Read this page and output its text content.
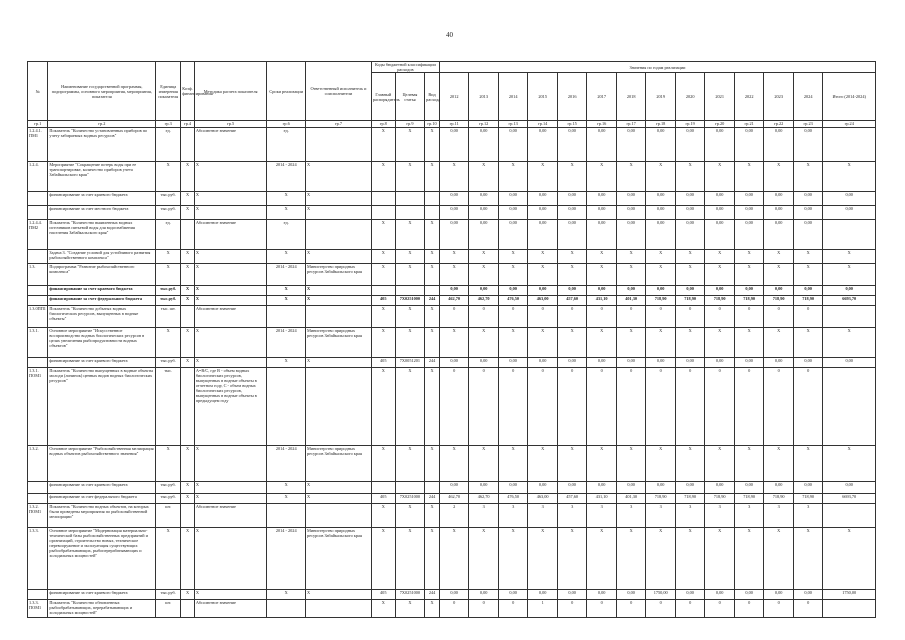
40
№	Наименование государственной программы, подпрограммы, основного мероприятия, мероприятия, показателя	Единица измерения показателя	Коэф. финансирования	Методика расчета показателя	Сроки реализации	Ответственный исполнитель и соисполнители	Коды бюджетной классификации расходов			Значения по годам реализации													
							Главный распорядитель	Целевая статья	Вид расхода	2012	2013	2014	2015	2016	2017	2018	2019	2020	2021	2022	2023	2024	Итого (2014-2024)
гр.1	гр.2	гр.3	гр.4	гр.5	гр.6	гр.7	гр.8	гр.9	гр.10	гр.11	гр.12	гр.13	гр.14	гр.15	гр.16	гр.17	гр.18	гр.19	гр.20	гр.21	гр.22	гр.23	гр.24
1.2.4.1. ПМ1	Показатель "Количество установленных приборов по учету забираемых водных ресурсов"	ед.		Абсолютное значение	ед.		X	X	X	0,00	0,00	0,00	0,00	0,00	0,00	0,00	0,00	0,00	0,00	0,00	0,00	0,00	
1.2.4.	Мероприятие "Сокращение потерь воды при ее транспортировке, количество приборов учета Забайкальского края"	X	X	X	2014 - 2024	X	X	X	X	X	X	X	X	X	X	X	X	X	X	X	X	X	X
	финансирование за счет краевого бюджета	тыс.руб.	X	X	X	X				0,00	0,00	0,00	0,00	0,00	0,00	0,00	0,00	0,00	0,00	0,00	0,00	0,00	0,00
	финансирование за счет местного бюджета	тыс.руб.	X	X	X	X				0,00	0,00	0,00	0,00	0,00	0,00	0,00	0,00	0,00	0,00	0,00	0,00	0,00	0,00
1.2.4.4. ПМ2	Показатель "Количество выявленных водных источников питьевой воды для водоснабжения населения Забайкальского края"	ед.		Абсолютное значение	ед.		X	X	X	0,00	0,00	0,00	0,00	0,00	0,00	0,00	0,00	0,00	0,00	0,00	0,00	0,00	
	Задача 3. "Создание условий для устойчивого развития рыбохозяйственного комплекса"	X	X	X	X	X	X	X	X	X	X	X	X	X	X	X	X	X	X	X	X	X	X
1.3.	Подпрограмма "Развитие рыбохозяйственного комплекса"	X	X	X	2014 - 2024	Министерство природных ресурсов Забайкальского края	X	X	X	X	X	X	X	X	X	X	X	X	X	X	X	X	X
	финансирование за счет краевого бюджета	тыс.руб.	X	X	X	X				0,00	0,00	0,00	0,00	0,00	0,00	0,00	0,00	0,00	0,00	0,00	0,00	0,00	0,00
	финансирование за счет федерального бюджета	тыс.руб.	X	X	X	X	405	7X0251000	244	462,70	462,70	476,50	463,00	457,60	431,10	401,30	718,90	718,90	718,90	718,90	718,90	718,90	6693,70
1.3.0ПП1	Показатель "Количество добытых водных биологических ресурсов, выпущенных в водные объекты"	тыс. шт.		Абсолютное значение			X	X	X	0	0	0	0	0	0	0	0	0	0	0	0	0	
1.3.1.	Основное мероприятие "Искусственное воспроизводство водных биологических ресурсов в целях увеличения рыбопродуктивности водных объектов"	X	X	X	2014 - 2024	Министерство природных ресурсов Забайкальского края	X	X	X	X	X	X	X	X	X	X	X	X	X	X	X	X	X
	финансирование за счет краевого бюджета	тыс.руб.	X	X	X	X	405	7X0051201	244	0,00	0,00	0,00	0,00	0,00	0,00	0,00	0,00	0,00	0,00	0,00	0,00	0,00	0,00
1.3.1. ПОМ1	Показатель "Количество выпущенных в водные объекты молоди (личинок) ценных видов водных биологических ресурсов"	тыс.		A=B/C, где B - объем водных биологических ресурсов, выпущенных в водные объекты в отчетном году, C - объем водных биологических ресурсов, выпущенных в водные объекты в предыдущем году			X	X	X	0	0	0	0	0	0	0	0	0	0	0	0	0	
1.3.2.	Основное мероприятие "Рыбохозяйственная мелиорация водных объектов рыбохозяйственного значения"	X	X	X	2014 - 2024	Министерство природных ресурсов Забайкальского края	X	X	X	X	X	X	X	X	X	X	X	X	X	X	X	X	X
	финансирование за счет краевого бюджета	тыс.руб.	X	X	X	X				0,00	0,00	0,00	0,00	0,00	0,00	0,00	0,00	0,00	0,00	0,00	0,00	0,00	0,00
	финансирование за счет федерального бюджета	тыс.руб.	X	X	X	X	405	7X0251000	244	462,70	462,70	476,50	463,00	457,60	431,10	401,30	718,90	718,90	718,90	718,90	718,90	718,90	6693,70
1.3.2. ПОМ1	Показатель "Количество водных объектов, на которых были проведены мероприятия по рыбохозяйственной мелиорации"	шт.		Абсолютное значение			X	X	X	2	3	3	3	3	3	3	3	3	3	3	3	3	
1.3.3.	Основное мероприятие "Модернизация материально-технической базы рыбохозяйственных предприятий и организаций, строительство новых, техническое перевооружение и эксплуатация существующих рыбообрабатывающих, рыбоперерабатывающих и холодильных мощностей"	X	X	X	2014 - 2024	Министерство природных ресурсов Забайкальского края	X	X	X	X	X	X	X	X	X	X	X	X	X	X	X	X	X
	финансирование за счет краевого бюджета	тыс.руб.	X	X	X	X	405	7X0251000	244	0,00	0,00	0,00	0,00	0,00	0,00	0,00	1750,00	0,00	0,00	0,00	0,00	0,00	1750,00
1.3.3. ПОМ1	Показатель "Количество обновленных рыбообрабатывающих, перерабатывающих и холодильных мощностей"	шт.		Абсолютное значение			X	X	X	0	0	0	1	0	0	0	0	0	0	0	0	0	
